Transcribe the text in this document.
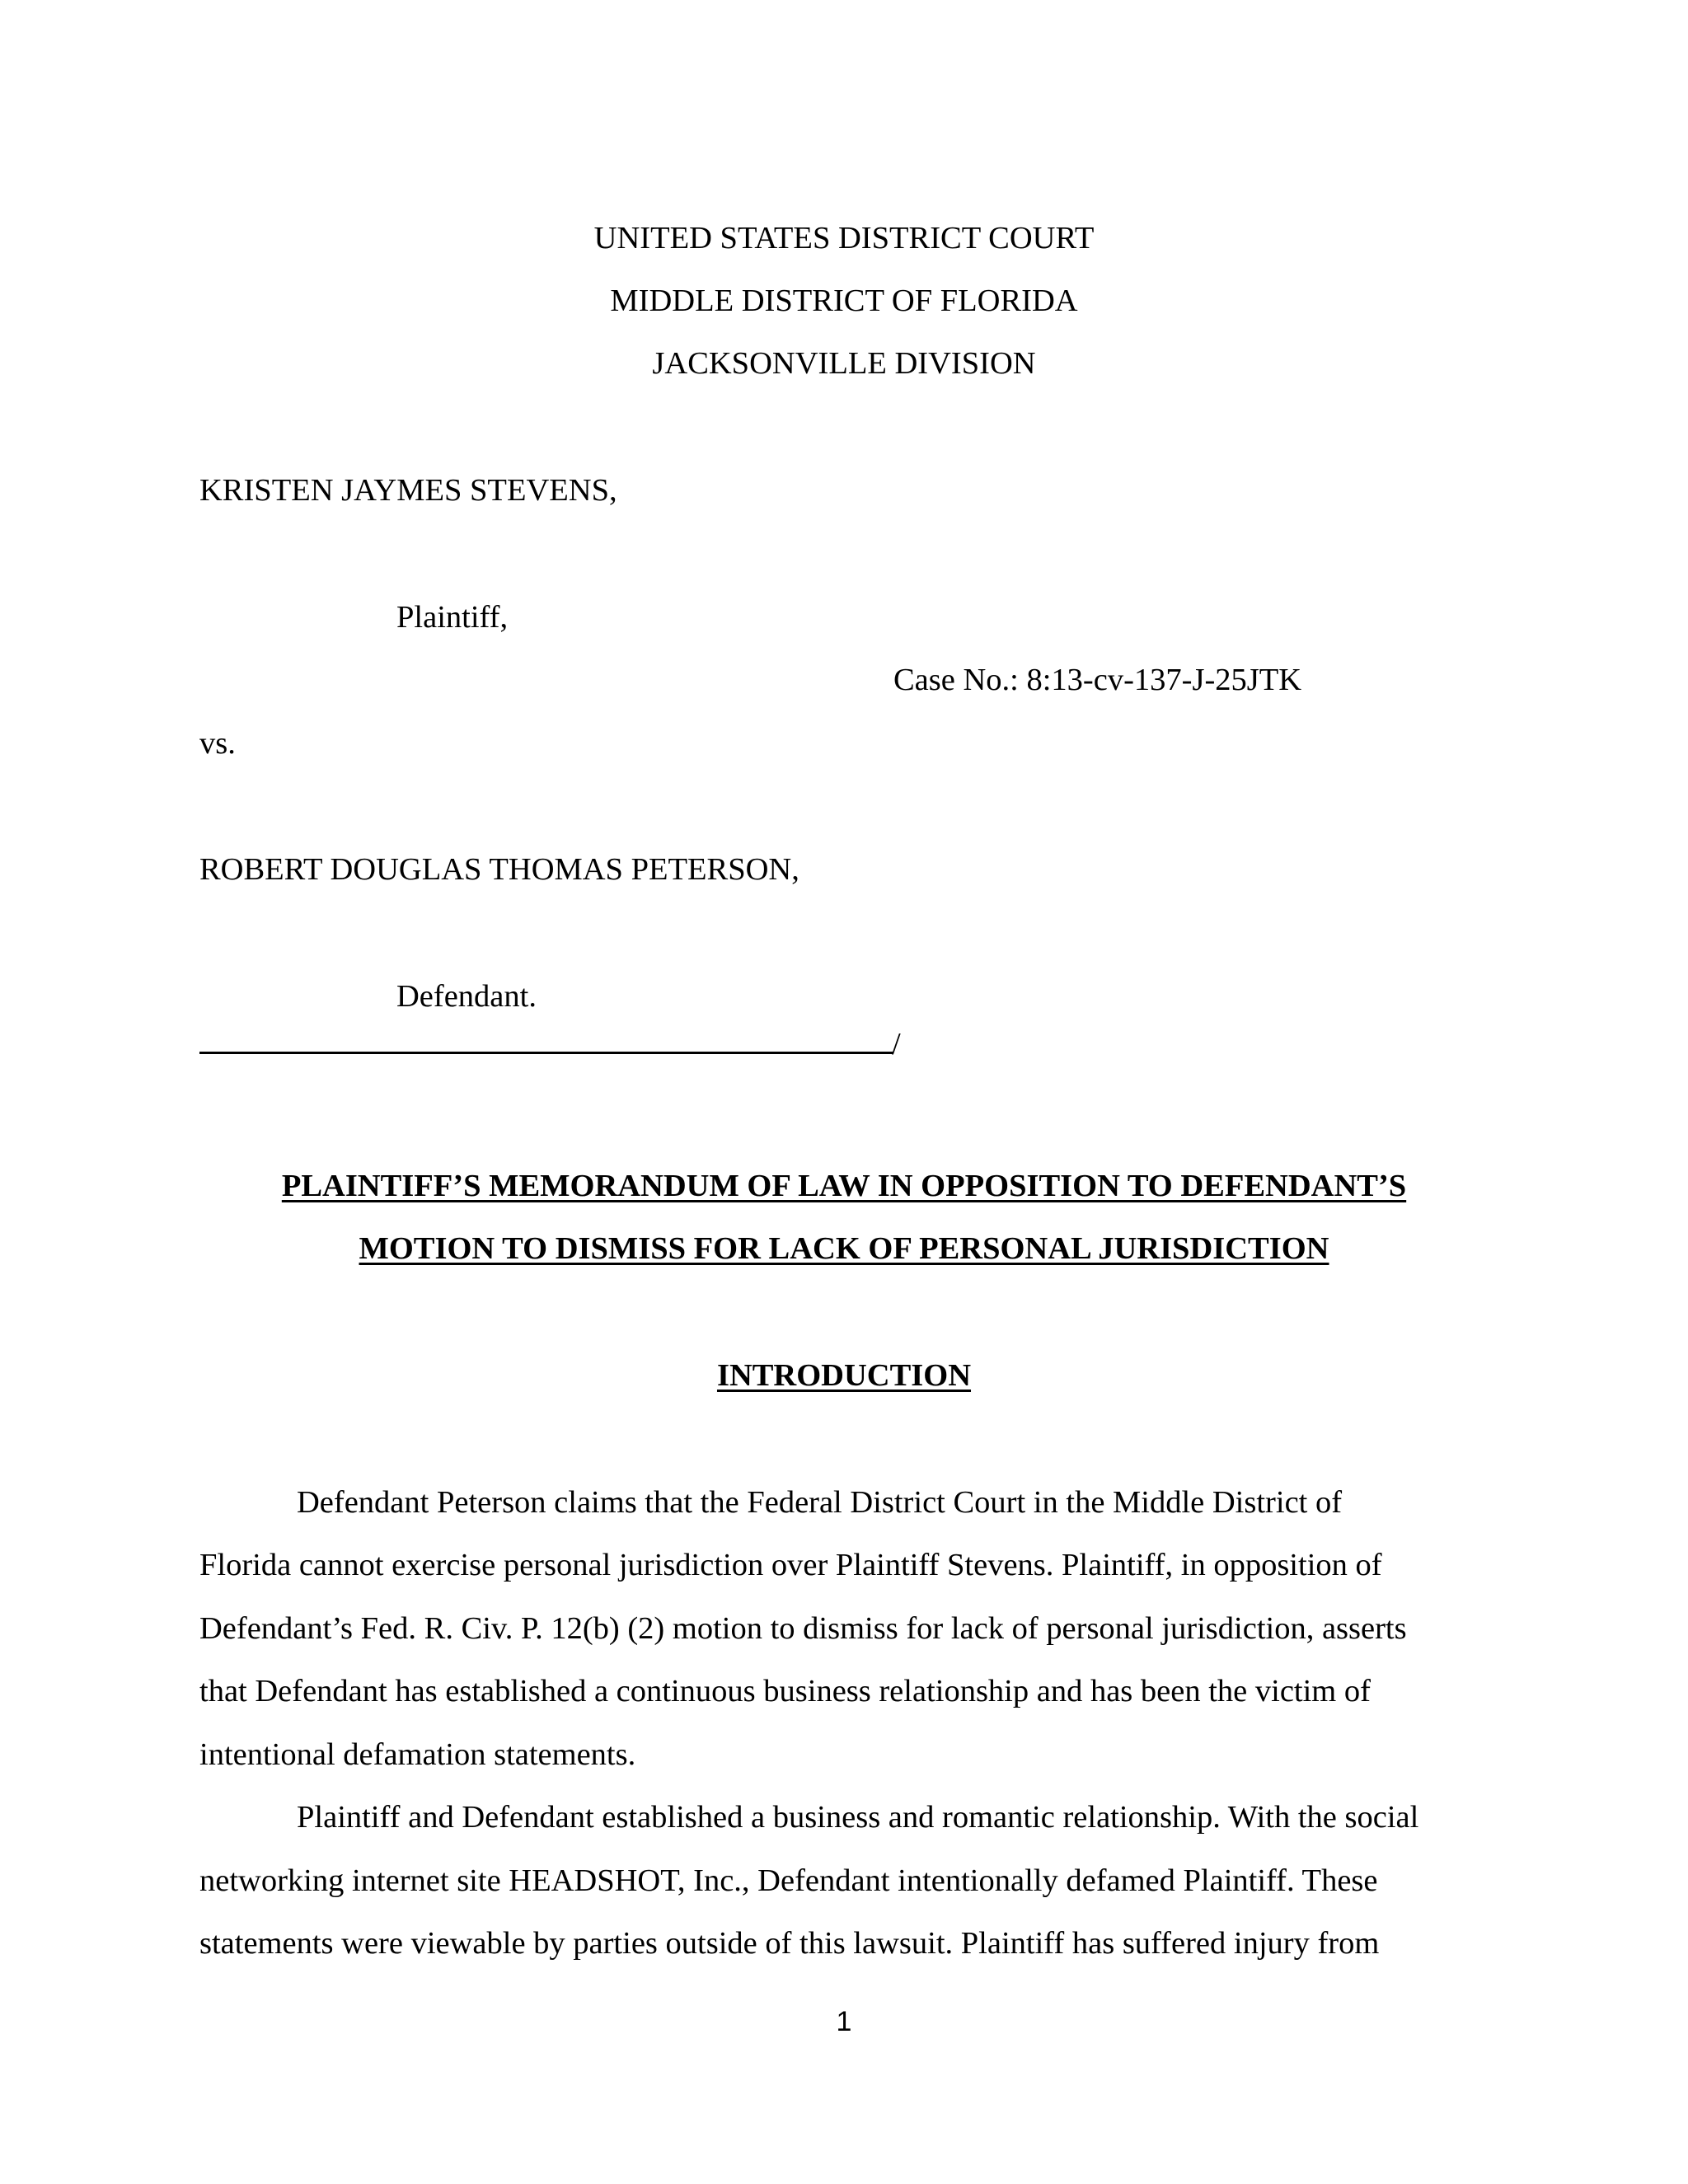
UNITED STATES DISTRICT COURT
MIDDLE DISTRICT OF FLORIDA
JACKSONVILLE DIVISION
KRISTEN JAYMES STEVENS,
Plaintiff,
Case No.: 8:13-cv-137-J-25JTK
vs.
ROBERT DOUGLAS THOMAS PETERSON,
Defendant.
/
PLAINTIFF’S MEMORANDUM OF LAW IN OPPOSITION TO DEFENDANT’S
MOTION TO DISMISS FOR LACK OF PERSONAL JURISDICTION
INTRODUCTION
Defendant Peterson claims that the Federal District Court in the Middle District of
Florida cannot exercise personal jurisdiction over Plaintiff Stevens. Plaintiff, in opposition of
Defendant’s Fed. R. Civ. P. 12(b) (2) motion to dismiss for lack of personal jurisdiction, asserts
that Defendant has established a continuous business relationship and has been the victim of
intentional defamation statements.
Plaintiff and Defendant established a business and romantic relationship. With the social
networking internet site HEADSHOT, Inc., Defendant intentionally defamed Plaintiff. These
statements were viewable by parties outside of this lawsuit. Plaintiff has suffered injury from
1
